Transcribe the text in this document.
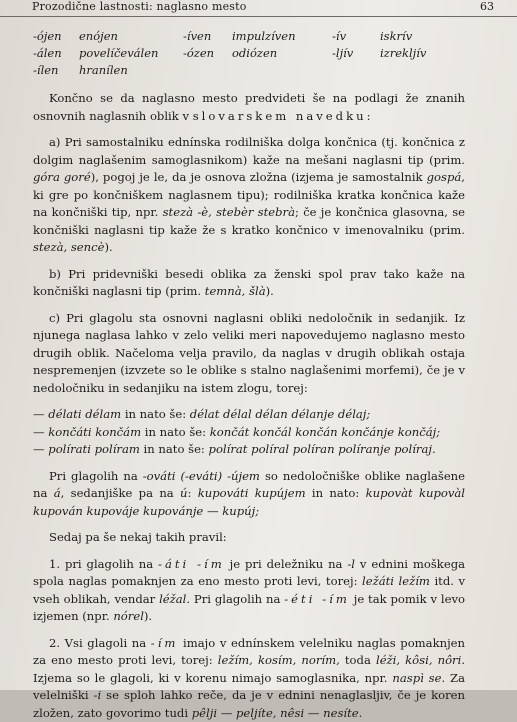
Prozodične lastnosti: naglasno mesto	63
-ójen	enójen	-íven	impulzíven	-ív	iskrív
-álen	povelíčeválen	-ózen	odiózen	-ljív	izreklјív
-ílen	hranílen

Končno se da naglasno mesto predvideti še na podlagi že znanih osnovnih naglasnih oblik v slovarskem navedku:

a) Pri samostalniku ednínska rodilniška dolga končnica (tj. končnica z dolgim naglašenim samoglasnikom) kaže na mešani naglasni tip (prim. góra goré), pogoj je le, da je osnova zložna (izjema je samostalnik gospá, ki gre po končniškem naglasnem tipu); rodilniška kratka končnica kaže na končniški tip, npr. stezà -è, stebèr stebrà; če je končnica glasovna, se končniški naglasni tip kaže že s kratko končnico v imenovalniku (prim. stezà, sencè).

b) Pri pridevniški besedi oblika za ženski spol prav tako kaže na končniški naglasni tip (prim. temnà, šlà).

c) Pri glagolu sta osnovni naglasni obliki nedoločnik in sedanjik. Iz njunega naglasa lahko v zelo veliki meri napovedujemo naglasno mesto drugih oblik. Načeloma velja pravilo, da naglas v drugih oblikah ostaja nespremenjen (izvzete so le oblike s stalno naglašenimi morfemi), če je v nedoločniku in sedanjiku na istem zlogu, torej:

— délati délam in nato še: délat délal délan délanje délaj;
— končáti končám in nato še: končát končál končán končánje končáj;
— polírati políram in nato še: polírat políral políran políranje políraj.

Pri glagolih na -ováti (-eváti) -újem so nedoločniške oblike naglašene na á, sedanjiške pa na ú: kupováti kupújem in nato: kupovàt kupovàl kupován kupováje kupovánje — kupúj;

Sedaj pa še nekaj takih pravil:

1. pri glagolih na -áti -ím je pri deležniku na -l v ednini moškega spola naglas pomaknjen za eno mesto proti levi, torej: ležáti ležím itd. v vseh oblikah, vendar léžal. Pri glagolih na -éti -ím je tak pomik v levo izjemen (npr. nórel).

2. Vsi glagoli na -ím imajo v ednínskem velelniku naglas pomaknjen za eno mesto proti levi, torej: ležím, kosím, norím, toda léži, kôsi, nôri. Izjema so le glagoli, ki v korenu nimajo samoglasnika, npr. naspì se. Za velelniški -i se sploh lahko reče, da je v ednini nenaglasljiv, če je koren zložen, zato govorimo tudi pêlji — peljíte, nêsi — nesíte.
